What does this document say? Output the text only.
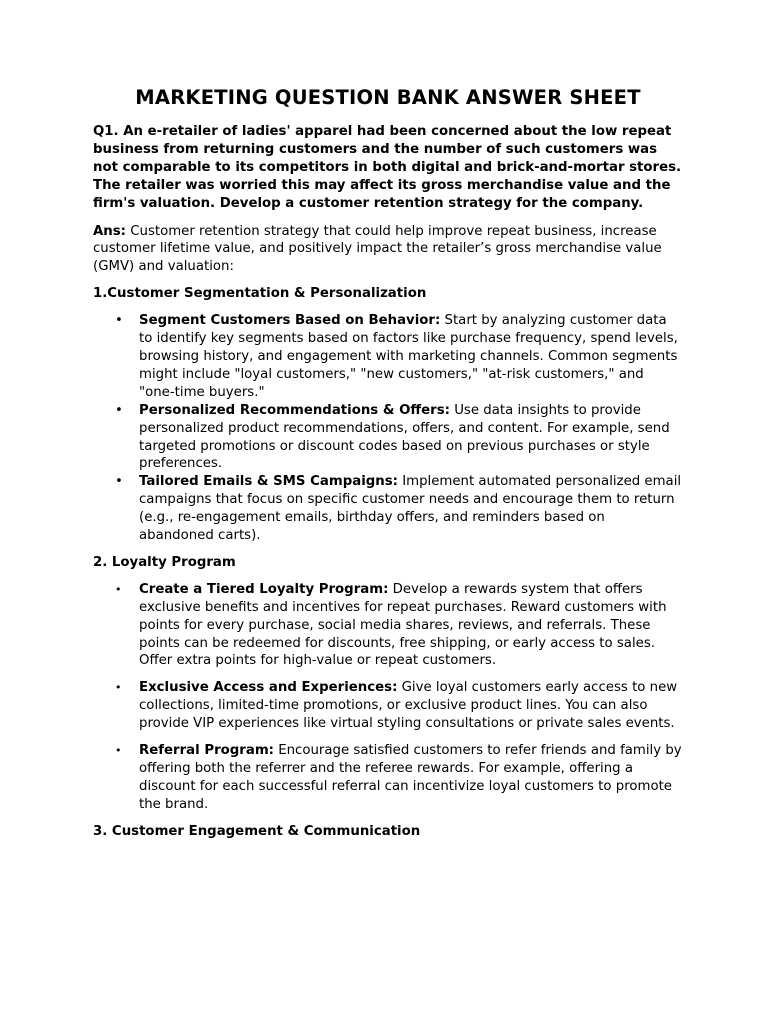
MARKETING QUESTION BANK ANSWER SHEET

Q1. An e-retailer of ladies' apparel had been concerned about the low repeat business from returning customers and the number of such customers was not comparable to its competitors in both digital and brick-and-mortar stores. The retailer was worried this may affect its gross merchandise value and the firm's valuation. Develop a customer retention strategy for the company.

Ans: Customer retention strategy that could help improve repeat business, increase customer lifetime value, and positively impact the retailer’s gross merchandise value (GMV) and valuation:

1.Customer Segmentation & Personalization
• Segment Customers Based on Behavior: Start by analyzing customer data to identify key segments based on factors like purchase frequency, spend levels, browsing history, and engagement with marketing channels. Common segments might include "loyal customers," "new customers," "at-risk customers," and "one-time buyers."
• Personalized Recommendations & Offers: Use data insights to provide personalized product recommendations, offers, and content. For example, send targeted promotions or discount codes based on previous purchases or style preferences.
• Tailored Emails & SMS Campaigns: Implement automated personalized email campaigns that focus on specific customer needs and encourage them to return (e.g., re-engagement emails, birthday offers, and reminders based on abandoned carts).
2. Loyalty Program
• Create a Tiered Loyalty Program: Develop a rewards system that offers exclusive benefits and incentives for repeat purchases. Reward customers with points for every purchase, social media shares, reviews, and referrals. These points can be redeemed for discounts, free shipping, or early access to sales. Offer extra points for high-value or repeat customers.
• Exclusive Access and Experiences: Give loyal customers early access to new collections, limited-time promotions, or exclusive product lines. You can also provide VIP experiences like virtual styling consultations or private sales events.
• Referral Program: Encourage satisfied customers to refer friends and family by offering both the referrer and the referee rewards. For example, offering a discount for each successful referral can incentivize loyal customers to promote the brand.
3. Customer Engagement & Communication
